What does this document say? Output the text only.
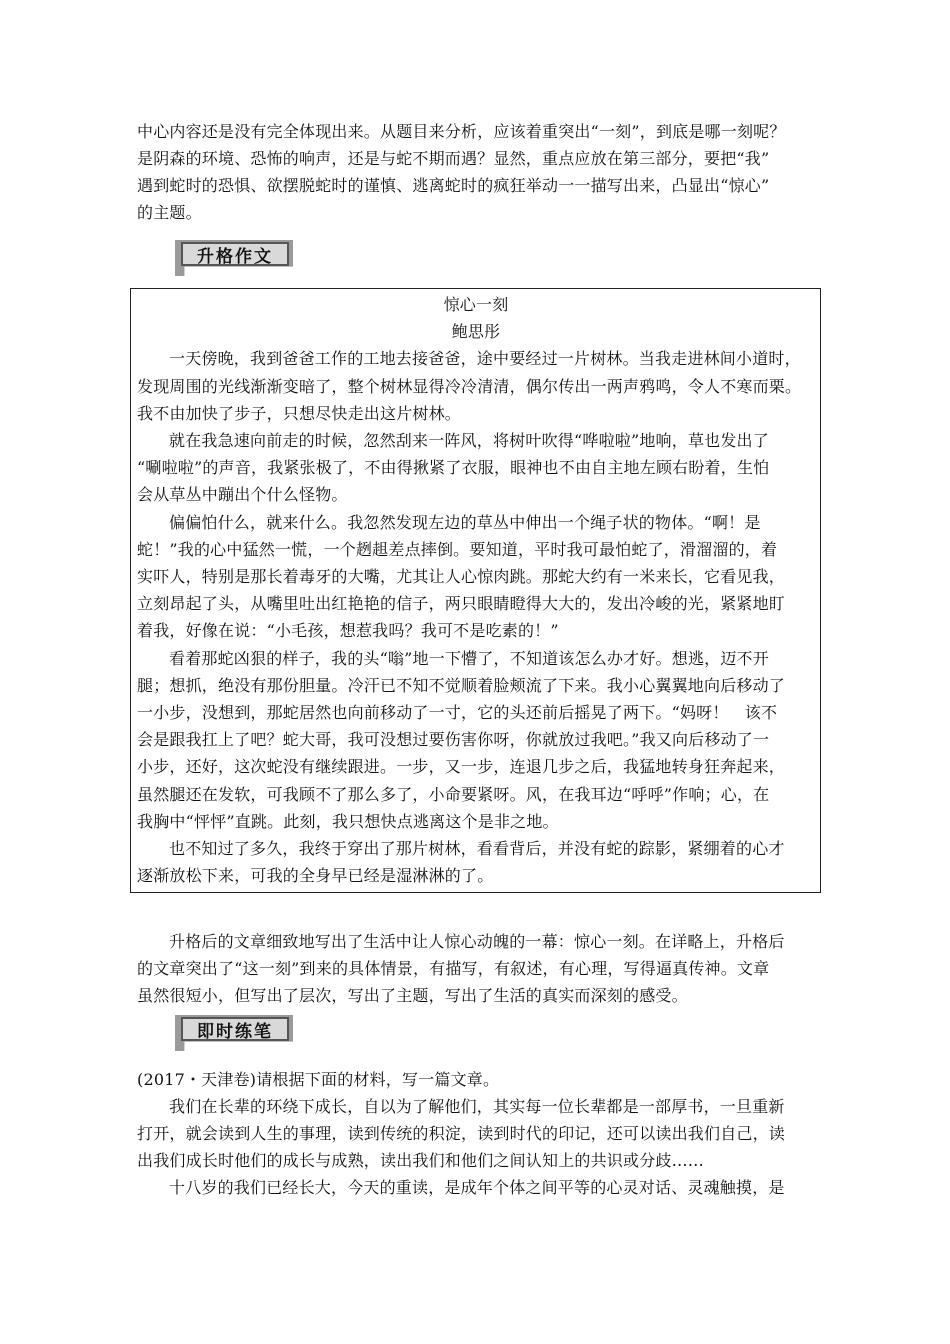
中心内容还是没有完全体现出来。从题目来分析，应该着重突出“一刻”，到底是哪一刻呢？
是阴森的环境、恐怖的响声，还是与蛇不期而遇？显然，重点应放在第三部分，要把“我”
遇到蛇时的恐惧、欲摆脱蛇时的谨慎、逃离蛇时的疯狂举动一一描写出来，凸显出“惊心”
的主题。
升格作文
惊心一刻
鲍思彤
一天傍晚，我到爸爸工作的工地去接爸爸，途中要经过一片树林。当我走进林间小道时，
发现周围的光线渐渐变暗了，整个树林显得冷冷清清，偶尔传出一两声鸦鸣，令人不寒而栗。
我不由加快了步子，只想尽快走出这片树林。
就在我急速向前走的时候，忽然刮来一阵风，将树叶吹得“哗啦啦”地响，草也发出了
“唰啦啦”的声音，我紧张极了，不由得揪紧了衣服，眼神也不由自主地左顾右盼着，生怕
会从草丛中蹦出个什么怪物。
偏偏怕什么，就来什么。我忽然发现左边的草丛中伸出一个绳子状的物体。“啊！是
蛇！”我的心中猛然一慌，一个趔趄差点摔倒。要知道，平时我可最怕蛇了，滑溜溜的，着
实吓人，特别是那长着毒牙的大嘴，尤其让人心惊肉跳。那蛇大约有一米来长，它看见我，
立刻昂起了头，从嘴里吐出红艳艳的信子，两只眼睛瞪得大大的，发出冷峻的光，紧紧地盯
着我，好像在说：“小毛孩，想惹我吗？我可不是吃素的！”
看着那蛇凶狠的样子，我的头“嗡”地一下懵了，不知道该怎么办才好。想逃，迈不开
腿；想抓，绝没有那份胆量。冷汗已不知不觉顺着脸颊流了下来。我小心翼翼地向后移动了
一小步，没想到，那蛇居然也向前移动了一寸，它的头还前后摇晃了两下。“妈呀！　该不
会是跟我扛上了吧？蛇大哥，我可没想过要伤害你呀，你就放过我吧。”我又向后移动了一
小步，还好，这次蛇没有继续跟进。一步，又一步，连退几步之后，我猛地转身狂奔起来，
虽然腿还在发软，可我顾不了那么多了，小命要紧呀。风，在我耳边“呼呼”作响；心，在
我胸中“怦怦”直跳。此刻，我只想快点逃离这个是非之地。
也不知过了多久，我终于穿出了那片树林，看看背后，并没有蛇的踪影，紧绷着的心才
逐渐放松下来，可我的全身早已经是湿淋淋的了。
升格后的文章细致地写出了生活中让人惊心动魄的一幕：惊心一刻。在详略上，升格后
的文章突出了“这一刻”到来的具体情景，有描写，有叙述，有心理，写得逼真传神。文章
虽然很短小，但写出了层次，写出了主题，写出了生活的真实而深刻的感受。
即时练笔
(2017・天津卷)请根据下面的材料，写一篇文章。
我们在长辈的环绕下成长，自以为了解他们，其实每一位长辈都是一部厚书，一旦重新
打开，就会读到人生的事理，读到传统的积淀，读到时代的印记，还可以读出我们自己，读
出我们成长时他们的成长与成熟，读出我们和他们之间认知上的共识或分歧……
十八岁的我们已经长大，今天的重读，是成年个体之间平等的心灵对话、灵魂触摸，是
